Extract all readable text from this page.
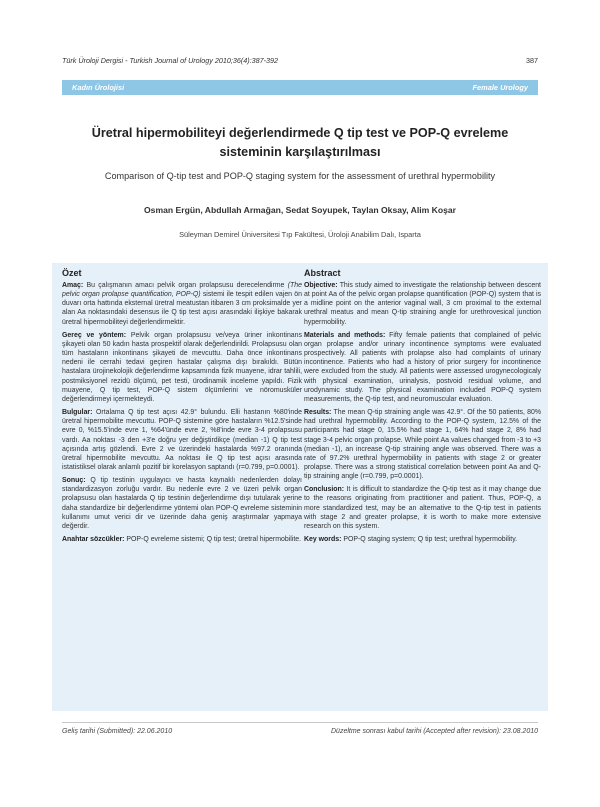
Türk Üroloji Dergisi - Turkish Journal of Urology 2010;36(4):387-392	387
Kadın Ürolojisi	Female Urology
Üretral hipermobiliteyi değerlendirmede Q tip test ve POP-Q evreleme
sisteminin karşılaştırılması
Comparison of Q-tip test and POP-Q staging system for the assessment of urethral hypermobility
Osman Ergün, Abdullah Armağan, Sedat Soyupek, Taylan Oksay, Alim Koşar
Süleyman Demirel Üniversitesi Tıp Fakültesi, Üroloji Anabilim Dalı, Isparta
Özet

Amaç: Bu çalışmanın amacı pelvik organ prolapsusu derecelendirme (The pelvic organ prolapse quantification, POP-Q) sistemi ile tespit edilen vajen ön duvarı orta hattında eksternal üretral meatustan itibaren 3 cm proksimalde yer alan Aa noktasındaki desensus ile Q tip test açısı arasındaki ilişkiye bakarak üretral hipermobiliteyi değerlendirmektir.

Gereç ve yöntem: Pelvik organ prolapsusu ve/veya üriner inkontinans şikayeti olan 50 kadın hasta prospektif olarak değerlendirildi. Prolapsusu olan tüm hastaların inkontinans şikayeti de mevcuttu. Daha önce inkontinans nedeni ile cerrahi tedavi geçiren hastalar çalışma dışı bırakıldı. Bütün hastalara ürojinekolojik değerlendirme kapsamında fizik muayene, idrar tahlili, postmiksiyonel rezidü ölçümü, pet testi, ürodinamik inceleme yapıldı. Fizik muayene, Q tip test, POP-Q sistem ölçümlerini ve nöromusküler değerlendirmeyi içermekteydi.

Bulgular: Ortalama Q tip test açısı 42.9° bulundu. Elli hastanın %80'inde üretral hipermobilite mevcuttu. POP-Q sistemine göre hastaların %12.5'sinde evre 0, %15.5'inde evre 1, %64'ünde evre 2, %8'inde evre 3-4 prolapsusu vardı. Aa noktası -3 den +3'e doğru yer değiştirdikçe (median -1) Q tip test açısında artış gözlendi. Evre 2 ve üzerindeki hastalarda %97.2 oranında üretral hipermobilite mevcuttu. Aa noktası ile Q tip test açısı arasında istatistiksel olarak anlamlı pozitif bir korelasyon saptandı (r=0.799, p=0.0001).

Sonuç: Q tip testinin uygulayıcı ve hasta kaynaklı nedenlerden dolayı standardizasyon zorluğu vardır. Bu nedenle evre 2 ve üzeri pelvik organ prolapsusu olan hastalarda Q tip testinin değerlendirme dışı tutularak yerine daha standardize bir değerlendirme yöntemi olan POP-Q evreleme sisteminin kullanımı umut verici dir ve üzerinde daha geniş araştırmalar yapmaya değerdir.

Anahtar sözcükler: POP-Q evreleme sistemi; Q tip test; üretral hipermobilite.

Abstract

Objective: This study aimed to investigate the relationship between descent at point Aa of the pelvic organ prolapse quantification (POP-Q) system that is a midline point on the anterior vaginal wall, 3 cm proximal to the external urethral meatus and mean Q-tip straining angle for urethrovesical junction hypermobility.

Materials and methods: Fifty female patients that complained of pelvic organ prolapse and/or urinary incontinence symptoms were evaluated prospectively. All patients with prolapse also had complaints of urinary incontinence. Patients who had a history of prior surgery for incontinence were excluded from the study. All patients were assessed urogynecologicaly with physical examination, urinalysis, postvoid residual volume, and urodynamic study. The physical examination included POP-Q system measurements, the Q-tip test, and neuromuscular evaluation.

Results: The mean Q-tip straining angle was 42.9°. Of the 50 patients, 80% had urethral hypermobility. According to the POP-Q system, 12.5% of the participants had stage 0, 15.5% had stage 1, 64% had stage 2, 8% had stage 3-4 pelvic organ prolapse. While point Aa values changed from -3 to +3 (median -1), an increase Q-tip straining angle was observed. There was a rate of 97.2% urethral hypermobility in patients with stage 2 or greater prolapse. There was a strong statistical correlation between point Aa and Q-tip straining angle (r=0.799, p=0.0001).

Conclusion: It is difficult to standardize the Q-tip test as it may change due to the reasons originating from practitioner and patient. Thus, POP-Q, a more standardized test, may be an alternative to the Q-tip test in patients with stage 2 and greater prolapse, it is worth to make more extensive research on this system.

Key words: POP-Q staging system; Q tip test; urethral hypermobility.

Geliş tarihi (Submitted): 22.06.2010	Düzeltme sonrası kabul tarihi (Accepted after revision): 23.08.2010
